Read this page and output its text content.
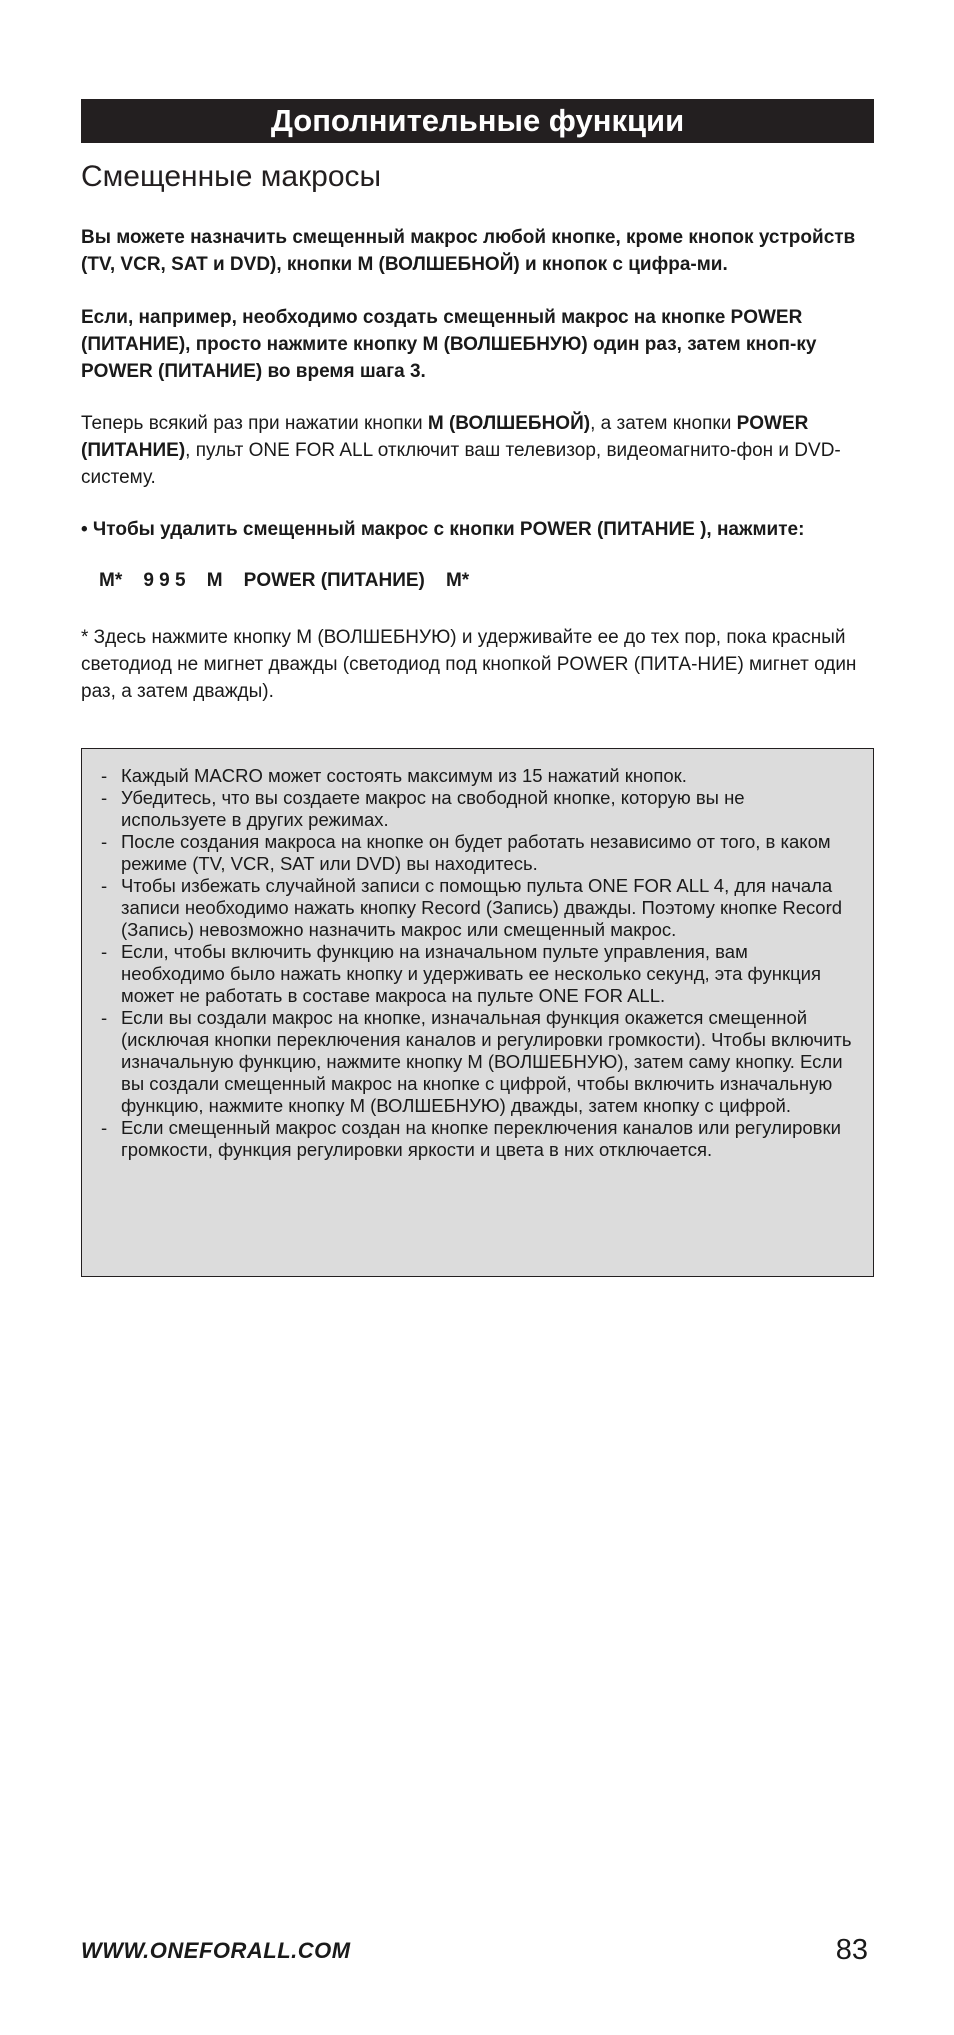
Дополнительные функции
Смещенные макросы
Вы можете назначить смещенный макрос любой кнопке, кроме кнопок устройств (TV, VCR, SAT и DVD), кнопки M (ВОЛШЕБНОЙ) и кнопок с цифра-ми.
Если, например, необходимо создать смещенный макрос на кнопке POWER (ПИТАНИЕ), просто нажмите кнопку M (ВОЛШЕБНУЮ) один раз, затем кноп-ку POWER (ПИТАНИЕ) во время шага 3.
Теперь всякий раз при нажатии кнопки M (ВОЛШЕБНОЙ), а затем кнопки POWER (ПИТАНИЕ), пульт ONE FOR ALL отключит ваш телевизор, видеомагнито-фон и DVD-систему.
• Чтобы удалить смещенный макрос с кнопки POWER (ПИТАНИЕ ), нажмите:
M*    9 9 5    M    POWER (ПИТАНИЕ)    M*
* Здесь нажмите кнопку M (ВОЛШЕБНУЮ) и удерживайте ее до тех пор, пока красный светодиод не мигнет дважды (светодиод под кнопкой POWER (ПИТА-НИЕ) мигнет один раз, а затем дважды).
- Каждый MACRO может состоять максимум из 15 нажатий кнопок.
- Убедитесь, что вы создаете макрос на свободной кнопке, которую вы не используете в других режимах.
- После создания макроса на кнопке он будет работать независимо от того, в каком режиме (TV, VCR, SAT или DVD) вы находитесь.
- Чтобы избежать случайной записи с помощью пульта ONE FOR ALL 4, для начала записи необходимо нажать кнопку Record (Запись) дважды. Поэтому кнопке Record (Запись) невозможно назначить макрос или смещенный макрос.
- Если, чтобы включить функцию на изначальном пульте управления, вам необходимо было нажать кнопку и удерживать ее несколько секунд, эта функция может не работать в составе макроса на пульте ONE FOR ALL.
- Если вы создали макрос на кнопке, изначальная функция окажется смещенной (исключая кнопки переключения каналов и регулировки громкости). Чтобы включить изначальную функцию, нажмите кнопку M (ВОЛШЕБНУЮ), затем саму кнопку. Если вы создали смещенный макрос на кнопке с цифрой, чтобы включить изначальную функцию, нажмите кнопку M (ВОЛШЕБНУЮ) дважды, затем кнопку с цифрой.
- Если смещенный макрос создан на кнопке переключения каналов или регулировки громкости, функция регулировки яркости и цвета в них отключается.
WWW.ONEFORALL.COM	83
